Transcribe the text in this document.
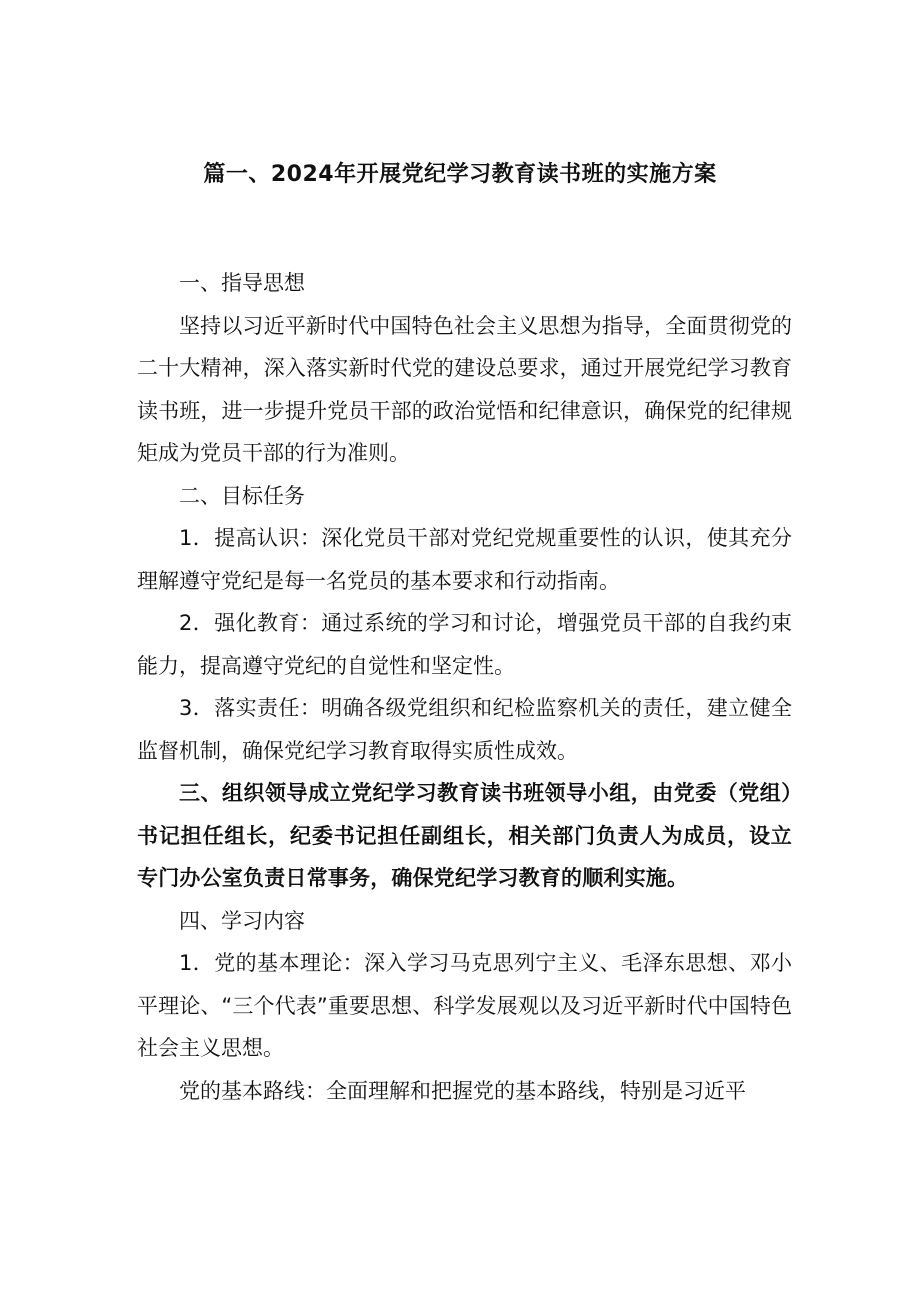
篇一、2024年开展党纪学习教育读书班的实施方案

一、指导思想

坚持以习近平新时代中国特色社会主义思想为指导，全面贯彻党的二十大精神，深入落实新时代党的建设总要求，通过开展党纪学习教育读书班，进一步提升党员干部的政治觉悟和纪律意识，确保党的纪律规矩成为党员干部的行为准则。

二、目标任务

1．提高认识：深化党员干部对党纪党规重要性的认识，使其充分理解遵守党纪是每一名党员的基本要求和行动指南。

2．强化教育：通过系统的学习和讨论，增强党员干部的自我约束能力，提高遵守党纪的自觉性和坚定性。

3．落实责任：明确各级党组织和纪检监察机关的责任，建立健全监督机制，确保党纪学习教育取得实质性成效。

三、组织领导成立党纪学习教育读书班领导小组，由党委（党组）书记担任组长，纪委书记担任副组长，相关部门负责人为成员，设立专门办公室负责日常事务，确保党纪学习教育的顺利实施。

四、学习内容

1．党的基本理论：深入学习马克思列宁主义、毛泽东思想、邓小平理论、“三个代表”重要思想、科学发展观以及习近平新时代中国特色社会主义思想。

党的基本路线：全面理解和把握党的基本路线，特别是习近平
